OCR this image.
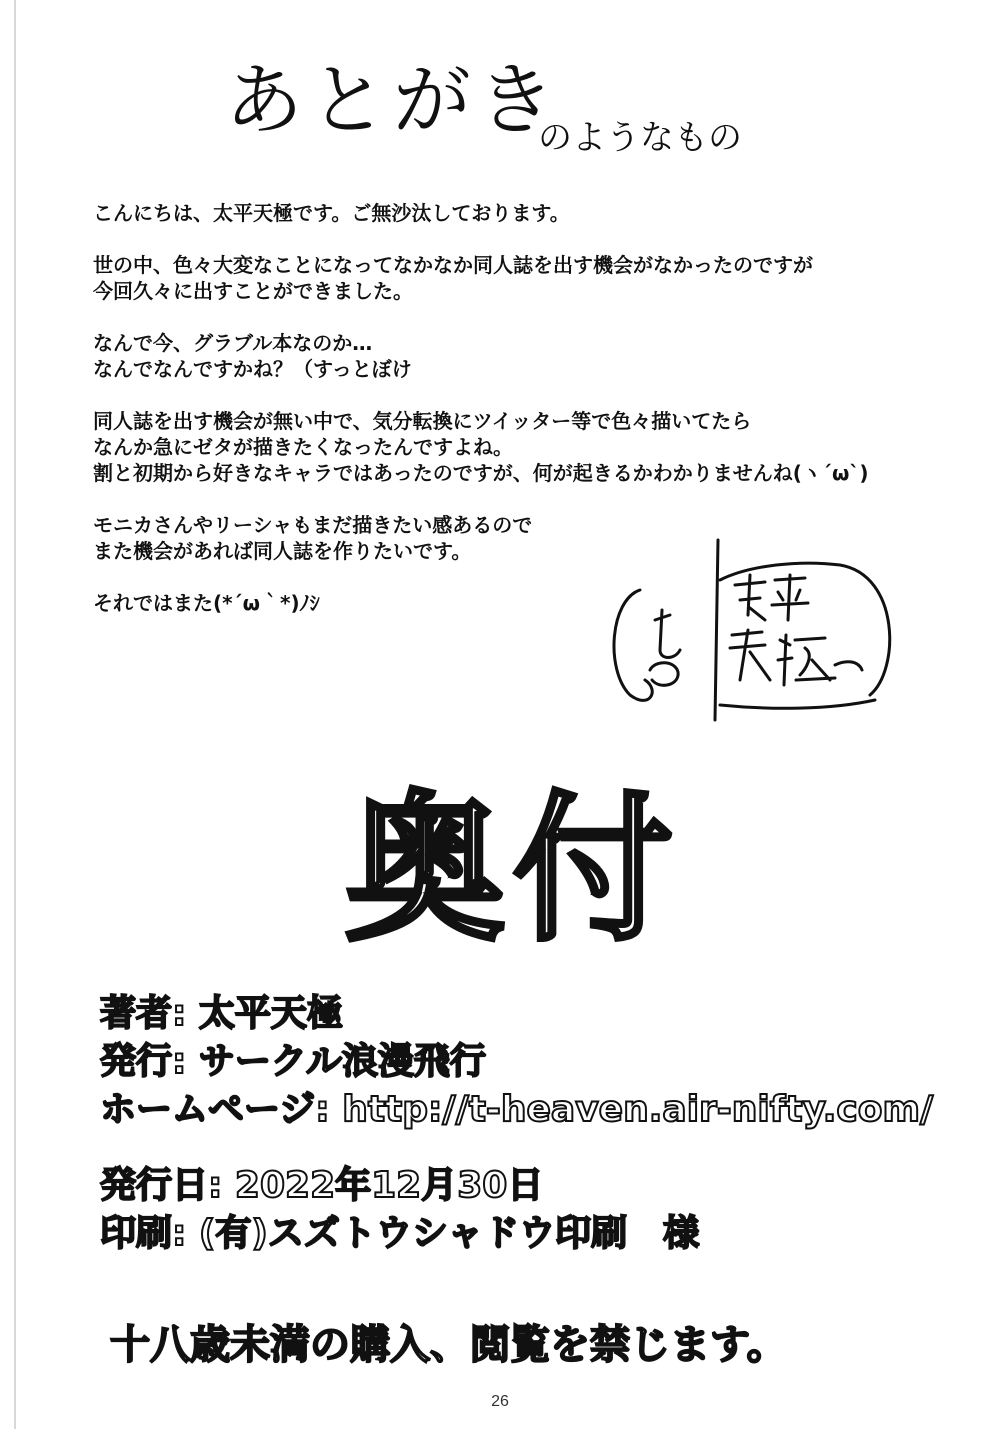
あとがき
のようなもの
こんにちは、太平天極です。ご無沙汰しております。
世の中、色々大変なことになってなかなか同人誌を出す機会がなかったのですが
今回久々に出すことができました。
なんで今、グラブル本なのか…
なんでなんですかね？（すっとぼけ
同人誌を出す機会が無い中で、気分転換にツイッター等で色々描いてたら
なんか急にゼタが描きたくなったんですよね。
割と初期から好きなキャラではあったのですが、何が起きるかわかりませんね(ヽ´ω`)
モニカさんやリーシャもまだ描きたい感あるので
また機会があれば同人誌を作りたいです。
それではまた(*´ω｀*)ﾉｼ
奥付
著者: 太平天極
発行: サークル浪漫飛行
ホームページ: http://t-heaven.air-nifty.com/
発行日: 2022年12月30日
印刷: (有)スズトウシャドウ印刷　様
十八歳未満の購入、閲覧を禁じます。
26
